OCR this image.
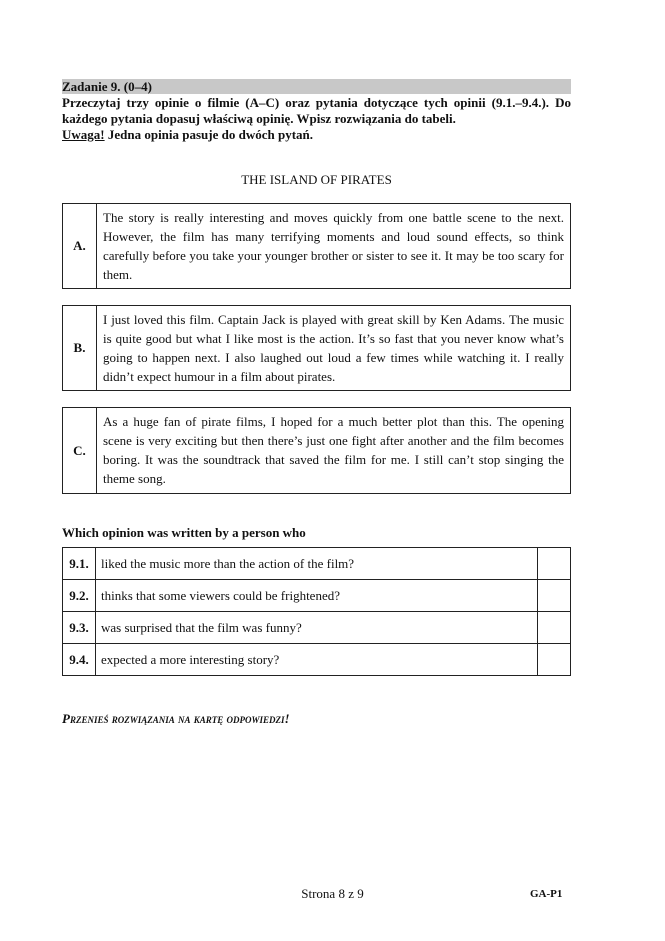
Zadanie 9. (0–4)
Przeczytaj trzy opinie o filmie (A–C) oraz pytania dotyczące tych opinii (9.1.–9.4.). Do każdego pytania dopasuj właściwą opinię. Wpisz rozwiązania do tabeli.
Uwaga! Jedna opinia pasuje do dwóch pytań.
THE ISLAND OF PIRATES
A.
The story is really interesting and moves quickly from one battle scene to the next. However, the film has many terrifying moments and loud sound effects, so think carefully before you take your younger brother or sister to see it. It may be too scary for them.
B.
I just loved this film. Captain Jack is played with great skill by Ken Adams. The music is quite good but what I like most is the action. It’s so fast that you never know what’s going to happen next. I also laughed out loud a few times while watching it. I really didn’t expect humour in a film about pirates.
C.
As a huge fan of pirate films, I hoped for a much better plot than this. The opening scene is very exciting but then there’s just one fight after another and the film becomes boring. It was the soundtrack that saved the film for me. I still can’t stop singing the theme song.
Which opinion was written by a person who
9.1.	liked the music more than the action of the film?	
9.2.	thinks that some viewers could be frightened?	
9.3.	was surprised that the film was funny?	
9.4.	expected a more interesting story?	
Przenieś rozwiązania na kartę odpowiedzi!
Strona 8 z 9	GA-P1
